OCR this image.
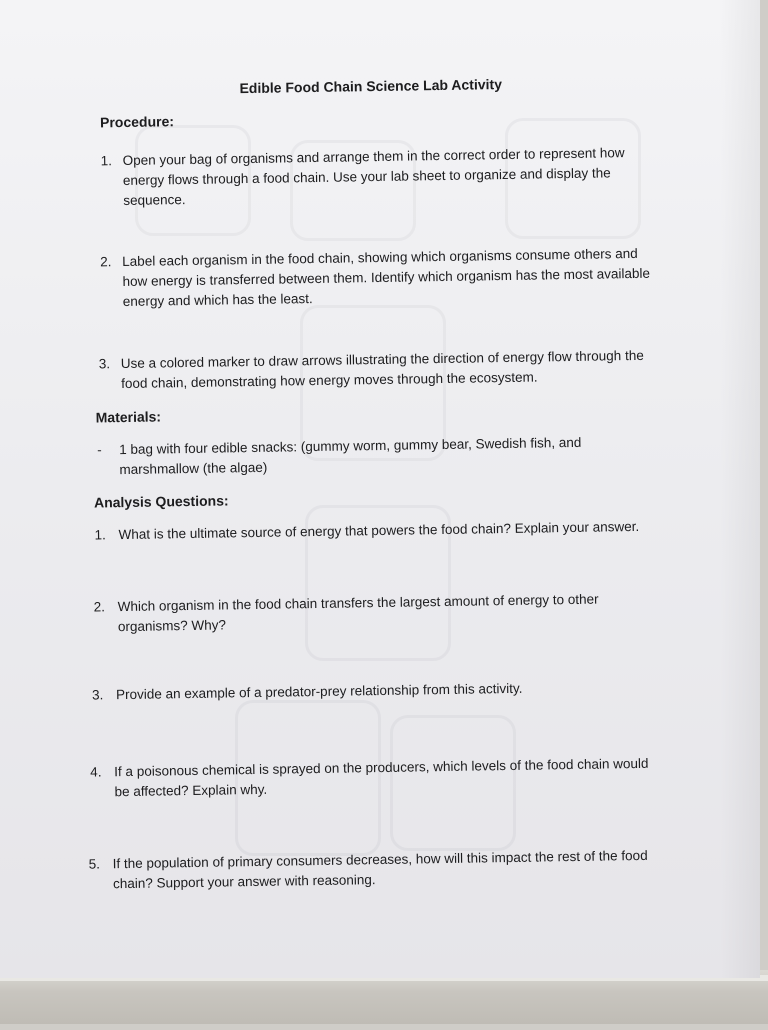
Edible Food Chain Science Lab Activity
Procedure:
1. Open your bag of organisms and arrange them in the correct order to represent how energy flows through a food chain. Use your lab sheet to organize and display the sequence.
2. Label each organism in the food chain, showing which organisms consume others and how energy is transferred between them. Identify which organism has the most available energy and which has the least.
3. Use a colored marker to draw arrows illustrating the direction of energy flow through the food chain, demonstrating how energy moves through the ecosystem.
Materials:
- 1 bag with four edible snacks: (gummy worm, gummy bear, Swedish fish, and marshmallow (the algae)
Analysis Questions:
1. What is the ultimate source of energy that powers the food chain? Explain your answer.
2. Which organism in the food chain transfers the largest amount of energy to other organisms? Why?
3. Provide an example of a predator-prey relationship from this activity.
4. If a poisonous chemical is sprayed on the producers, which levels of the food chain would be affected? Explain why.
5. If the population of primary consumers decreases, how will this impact the rest of the food chain? Support your answer with reasoning.
